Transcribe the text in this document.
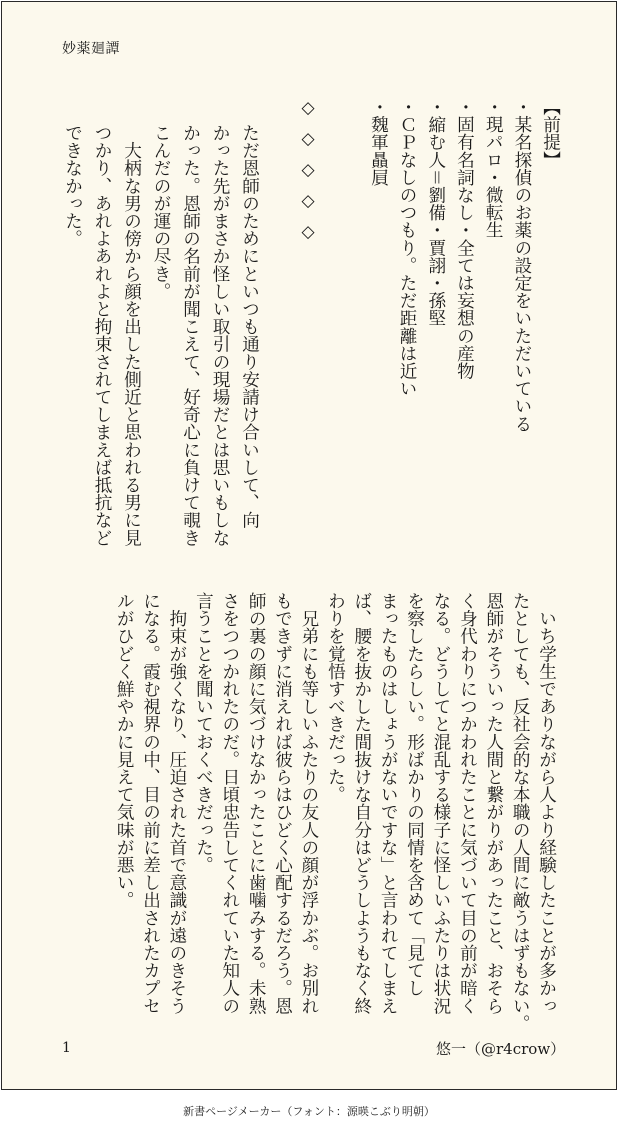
妙薬廻譚
【前提】
・某名探偵のお薬の設定をいただいている
・現パロ・微転生
・固有名詞なし・全ては妄想の産物
・縮む人＝劉備・賈詡・孫堅
・ＣＰなしのつもり。ただ距離は近い
・魏軍贔屓
◇◇◇◇◇
ただ恩師のためにといつも通り安請け合いして、向
かった先がまさか怪しい取引の現場だとは思いもしな
かった。恩師の名前が聞こえて、好奇心に負けて覗き
こんだのが運の尽き。
　大柄な男の傍から顔を出した側近と思われる男に見
つかり、あれよあれよと拘束されてしまえば抵抗など
できなかった。
　いち学生でありながら人より経験したことが多かっ
たとしても、反社会的な本職の人間に敵うはずもない。
恩師がそういった人間と繋がりがあったこと、おそら
く身代わりにつかわれたことに気づいて目の前が暗く
なる。どうしてと混乱する様子に怪しいふたりは状況
を察したらしい。形ばかりの同情を含めて「見てし
まったものはしょうがないですな」と言われてしまえ
ば、腰を抜かした間抜けな自分はどうしようもなく終
わりを覚悟すべきだった。
　兄弟にも等しいふたりの友人の顔が浮かぶ。お別れ
もできずに消えれば彼らはひどく心配するだろう。恩
師の裏の顔に気づけなかったことに歯噛みする。未熟
さをつつかれたのだ。日頃忠告してくれていた知人の
言うことを聞いておくべきだった。
　拘束が強くなり、圧迫された首で意識が遠のきそう
になる。霞む視界の中、目の前に差し出されたカプセ
ルがひどく鮮やかに見えて気味が悪い。
1	悠一（@r4crow）
新書ページメーカー（フォント：源暎こぶり明朝）
